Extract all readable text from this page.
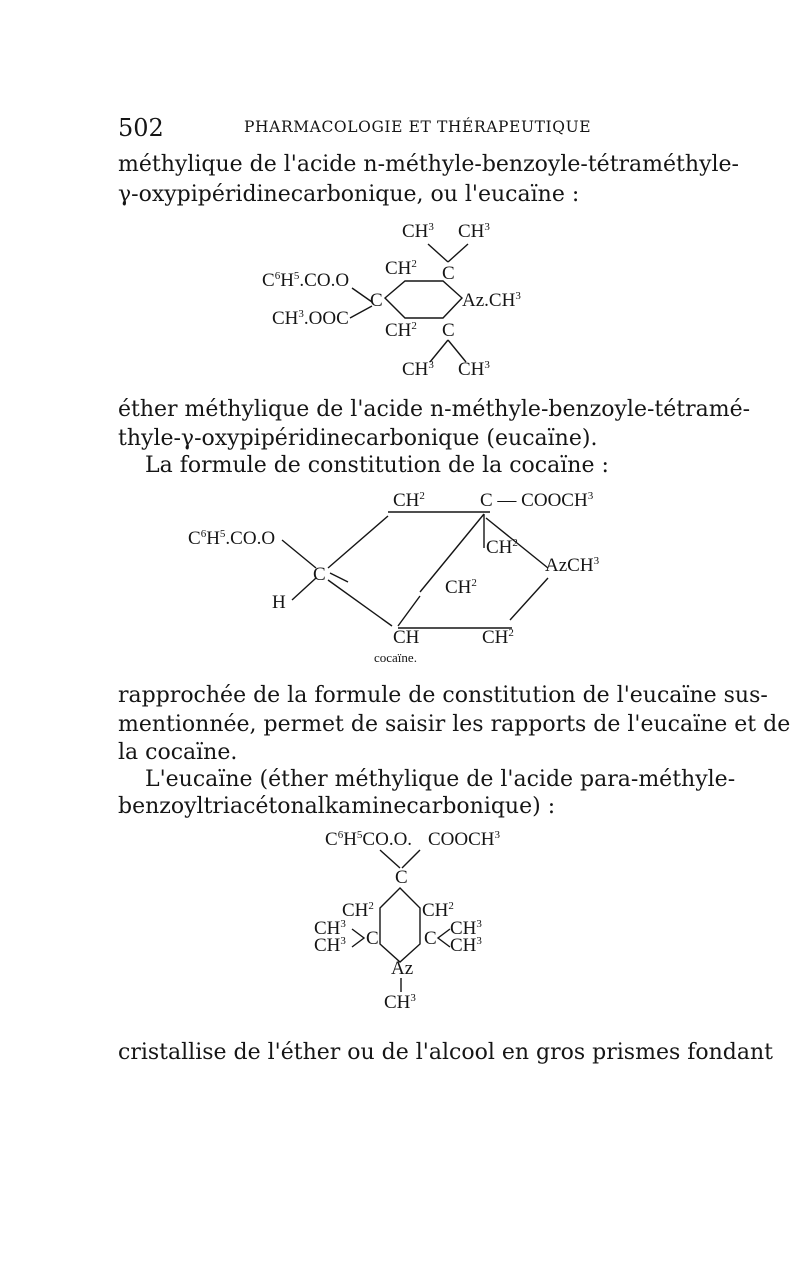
502	PHARMACOLOGIE ET THÉRAPEUTIQUE
méthylique de l'acide n-méthyle-benzoyle-tétraméthyle-
γ-oxypipéridinecarbonique, ou l'eucaïne :
$CH^3$ $CH^3$
$CH^2$ C
$C^6H^5.CO.O$
C	$Az.CH^3$
$CH^3.OOC$
$CH^2$ C
$CH^3$ $CH^3$
éther méthylique de l'acide n-méthyle-benzoyle-tétramé-
thyle-γ-oxypipéridinecarbonique (eucaïne).
La formule de constitution de la cocaïne :
$CH^2$	C — COOCH$^3$
$C^6H^5.CO.O$
H
C
$CH^2$
AzCH$^3$
$CH^2$
CH	$CH^2$
cocaïne.
rapprochée de la formule de constitution de l'eucaïne sus-
mentionnée, permet de saisir les rapports de l'eucaïne et de
la cocaïne.
L'eucaïne (éther méthylique de l'acide para-méthyle-
benzoyltriacétonalkaminecarbonique) :
$C^6H^5CO.O$. COOCH$^3$
C
$CH^2$	$CH^2$
$CH^3$
$CH^3$ C C $CH^3$
$CH^3$
Az
$CH^3$
cristallise de l'éther ou de l'alcool en gros prismes fondant
